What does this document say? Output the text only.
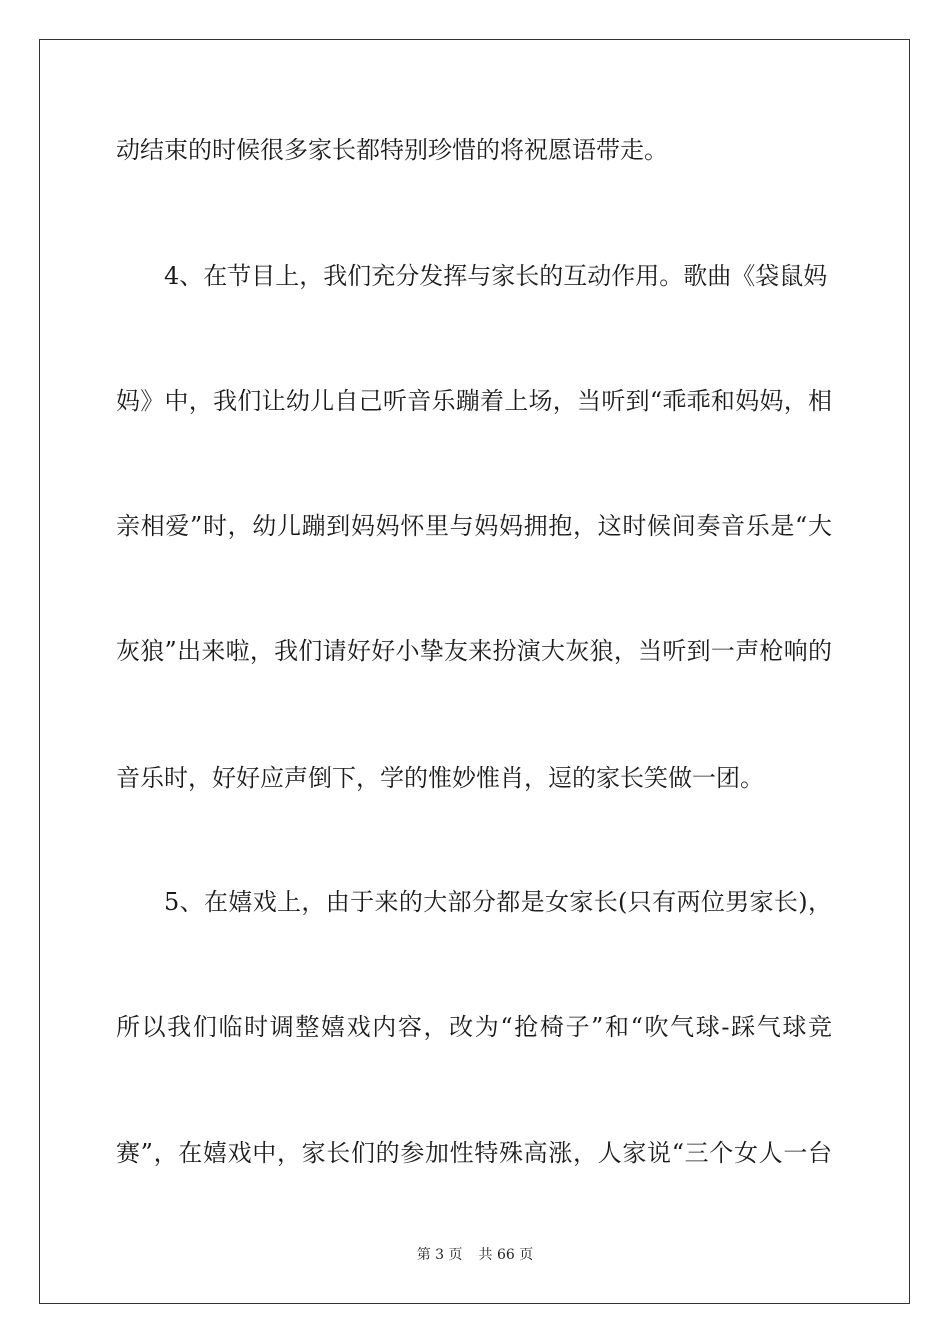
动结束的时候很多家长都特别珍惜的将祝愿语带走。
4、在节目上，我们充分发挥与家长的互动作用。歌曲《袋鼠妈
妈》中，我们让幼儿自己听音乐蹦着上场，当听到“乖乖和妈妈，相
亲相爱”时，幼儿蹦到妈妈怀里与妈妈拥抱，这时候间奏音乐是“大
灰狼”出来啦，我们请好好小挚友来扮演大灰狼，当听到一声枪响的
音乐时，好好应声倒下，学的惟妙惟肖，逗的家长笑做一团。
5、在嬉戏上，由于来的大部分都是女家长(只有两位男家长)，
所以我们临时调整嬉戏内容，改为“抢椅子”和“吹气球-踩气球竞
赛”，在嬉戏中，家长们的参加性特殊高涨，人家说“三个女人一台
第 3 页 共 66 页
